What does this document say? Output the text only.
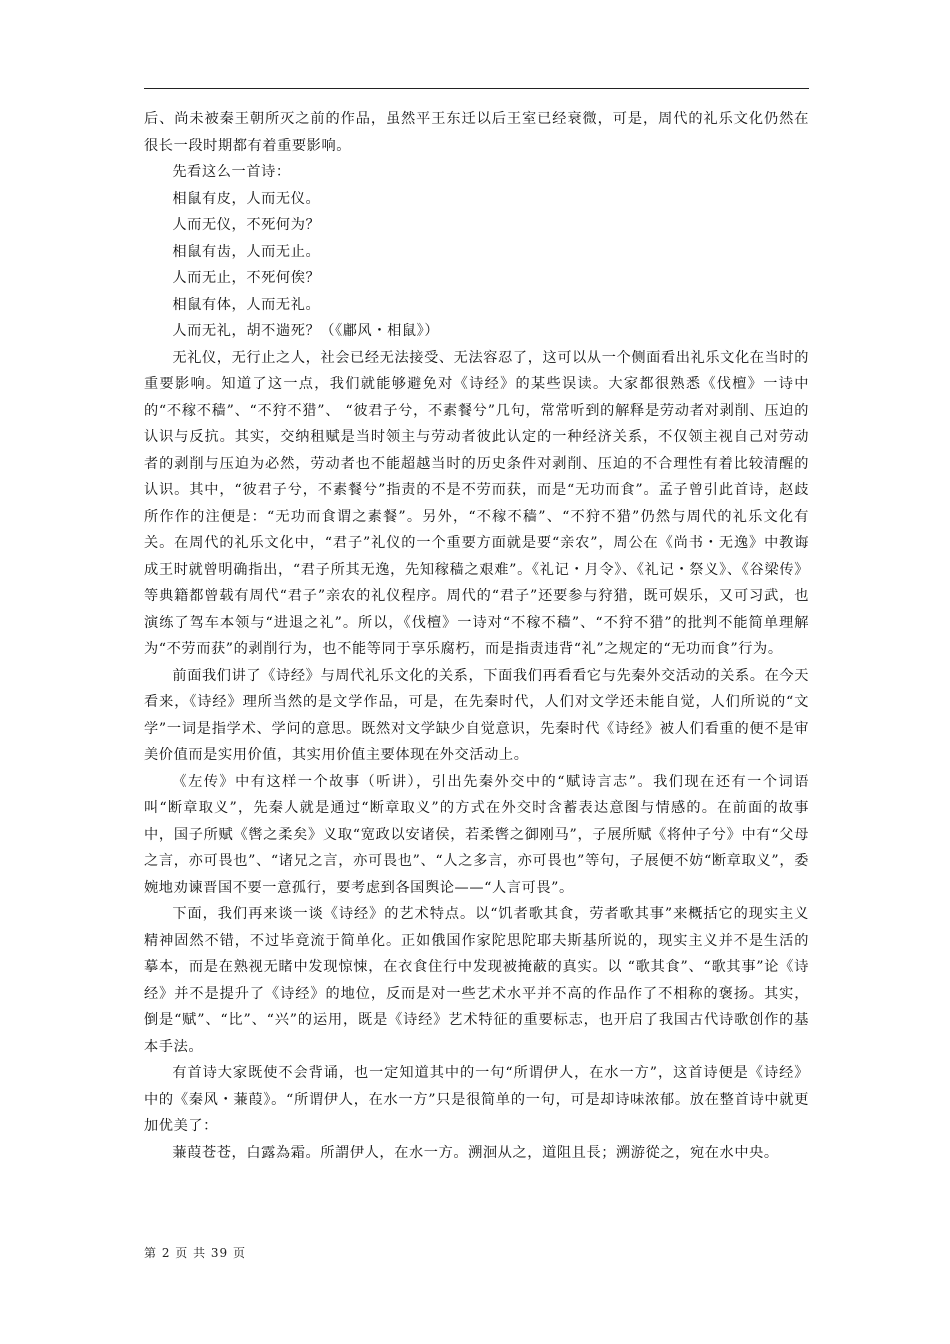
后、尚未被秦王朝所灭之前的作品，虽然平王东迁以后王室已经衰微，可是，周代的礼乐文化仍然在很长一段时期都有着重要影响。

先看这么一首诗：

相鼠有皮，人而无仪。

人而无仪，不死何为？

相鼠有齿，人而无止。

人而无止，不死何俟？

相鼠有体，人而无礼。

人而无礼，胡不遄死？（《鄘风・相鼠》）

无礼仪，无行止之人，社会已经无法接受、无法容忍了，这可以从一个侧面看出礼乐文化在当时的重要影响。知道了这一点，我们就能够避免对《诗经》的某些误读。大家都很熟悉《伐檀》一诗中的“不稼不穑”、“不狩不猎”、 “彼君子兮，不素餐兮”几句，常常听到的解释是劳动者对剥削、压迫的认识与反抗。其实，交纳租赋是当时领主与劳动者彼此认定的一种经济关系，不仅领主视自己对劳动者的剥削与压迫为必然，劳动者也不能超越当时的历史条件对剥削、压迫的不合理性有着比较清醒的认识。其中，“彼君子兮，不素餐兮”指责的不是不劳而获，而是“无功而食”。孟子曾引此首诗，赵歧所作作的注便是：“无功而食谓之素餐”。另外，“不稼不穑”、“不狩不猎”仍然与周代的礼乐文化有关。在周代的礼乐文化中，“君子”礼仪的一个重要方面就是要“亲农”，周公在《尚书・无逸》中教诲成王时就曾明确指出，“君子所其无逸，先知稼穑之艰难”。《礼记・月令》、《礼记・祭义》、《谷梁传》等典籍都曾载有周代“君子”亲农的礼仪程序。周代的“君子”还要参与狩猎，既可娱乐，又可习武，也演练了驾车本领与“进退之礼”。所以，《伐檀》一诗对“不稼不穑”、“不狩不猎”的批判不能简单理解为“不劳而获”的剥削行为，也不能等同于享乐腐朽，而是指责违背“礼”之规定的“无功而食”行为。

前面我们讲了《诗经》与周代礼乐文化的关系，下面我们再看看它与先秦外交活动的关系。在今天看来，《诗经》理所当然的是文学作品，可是，在先秦时代，人们对文学还未能自觉，人们所说的“文学”一词是指学术、学问的意思。既然对文学缺少自觉意识，先秦时代《诗经》被人们看重的便不是审美价值而是实用价值，其实用价值主要体现在外交活动上。

《左传》中有这样一个故事（听讲），引出先秦外交中的“赋诗言志”。我们现在还有一个词语叫“断章取义”，先秦人就是通过“断章取义”的方式在外交时含蓄表达意图与情感的。在前面的故事中，国子所赋《辔之柔矣》义取“宽政以安诸侯，若柔辔之御刚马”，子展所赋《将仲子兮》中有“父母之言，亦可畏也”、“诸兄之言，亦可畏也”、“人之多言，亦可畏也”等句，子展便不妨“断章取义”，委婉地劝谏晋国不要一意孤行，要考虑到各国舆论——“人言可畏”。

下面，我们再来谈一谈《诗经》的艺术特点。以“饥者歌其食，劳者歌其事”来概括它的现实主义精神固然不错，不过毕竟流于简单化。正如俄国作家陀思陀耶夫斯基所说的，现实主义并不是生活的摹本，而是在熟视无睹中发现惊悚，在衣食住行中发现被掩蔽的真实。以 “歌其食”、“歌其事”论《诗经》并不是提升了《诗经》的地位，反而是对一些艺术水平并不高的作品作了不相称的褒扬。其实，倒是“赋”、“比”、“兴”的运用，既是《诗经》艺术特征的重要标志，也开启了我国古代诗歌创作的基本手法。

有首诗大家既使不会背诵，也一定知道其中的一句“所谓伊人，在水一方”，这首诗便是《诗经》中的《秦风・蒹葭》。“所谓伊人，在水一方”只是很简单的一句，可是却诗味浓郁。放在整首诗中就更加优美了：

蒹葭苍苍，白露為霜。所謂伊人，在水一方。溯洄从之，道阻且長；溯游從之，宛在水中央。

第 2 页 共 39 页
